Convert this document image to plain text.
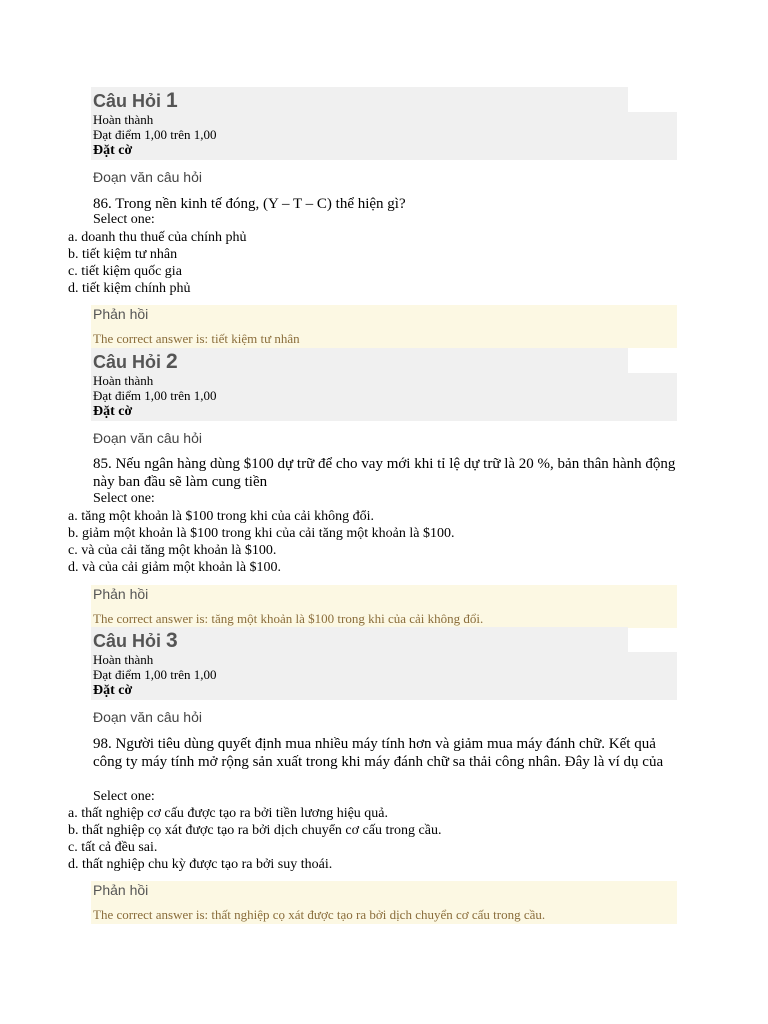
Câu Hỏi 1
Hoàn thành
Đạt điểm 1,00 trên 1,00
Đặt cờ
Đoạn văn câu hỏi
86. Trong nền kinh tế đóng, (Y – T – C) thể hiện gì?
Select one:
a. doanh thu thuế của chính phủ
b. tiết kiệm tư nhân
c. tiết kiệm quốc gia
d. tiết kiệm chính phủ
Phản hồi
The correct answer is: tiết kiệm tư nhân
Câu Hỏi 2
Hoàn thành
Đạt điểm 1,00 trên 1,00
Đặt cờ
Đoạn văn câu hỏi
85. Nếu ngân hàng dùng $100 dự trữ để cho vay mới khi tỉ lệ dự trữ là 20 %, bản thân hành động này ban đầu sẽ làm cung tiền
Select one:
a. tăng một khoản là $100 trong khi của cải không đổi.
b. giảm một khoản là $100 trong khi của cải tăng một khoản là $100.
c. và của cải tăng một khoản là $100.
d. và của cải giảm một khoản là $100.
Phản hồi
The correct answer is: tăng một khoản là $100 trong khi của cải không đổi.
Câu Hỏi 3
Hoàn thành
Đạt điểm 1,00 trên 1,00
Đặt cờ
Đoạn văn câu hỏi
98. Người tiêu dùng quyết định mua nhiều máy tính hơn và giảm mua máy đánh chữ. Kết quả công ty máy tính mở rộng sản xuất trong khi máy đánh chữ sa thải công nhân. Đây là ví dụ của
Select one:
a. thất nghiệp cơ cấu được tạo ra bởi tiền lương hiệu quả.
b. thất nghiệp cọ xát được tạo ra bởi dịch chuyển cơ cấu trong cầu.
c. tất cả đều sai.
d. thất nghiệp chu kỳ được tạo ra bởi suy thoái.
Phản hồi
The correct answer is: thất nghiệp cọ xát được tạo ra bởi dịch chuyển cơ cấu trong cầu.
